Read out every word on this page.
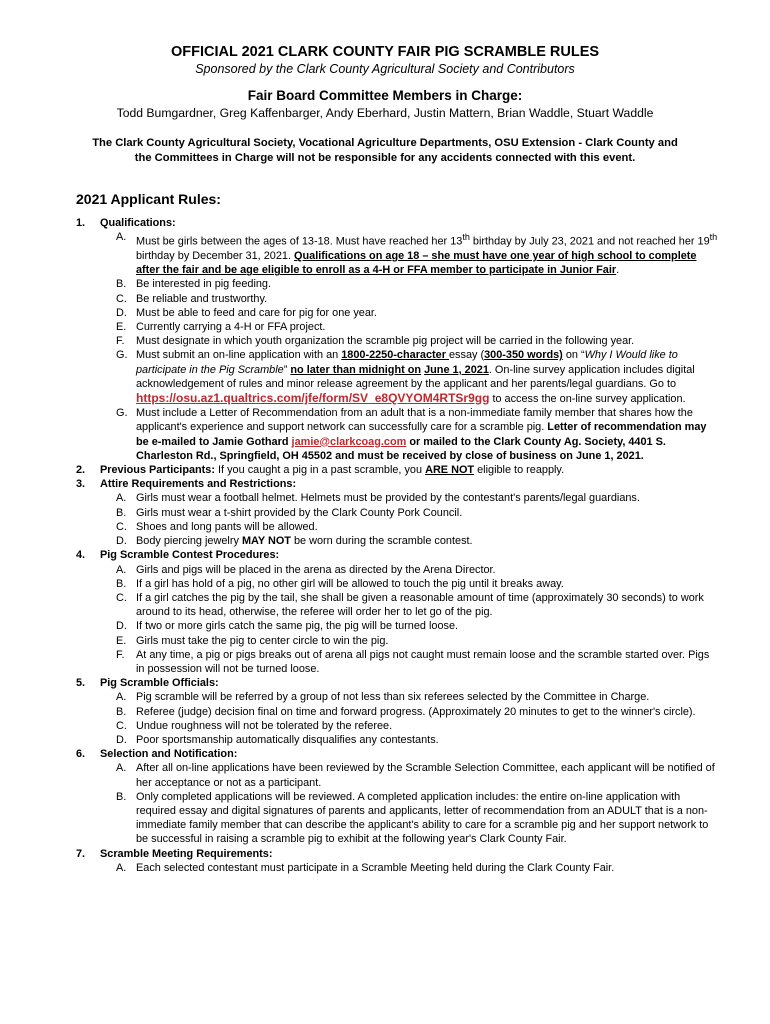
OFFICIAL 2021 CLARK COUNTY FAIR PIG SCRAMBLE RULES

Sponsored by the Clark County Agricultural Society and Contributors

Fair Board Committee Members in Charge:

Todd Bumgardner, Greg Kaffenbarger, Andy Eberhard, Justin Mattern, Brian Waddle, Stuart Waddle

The Clark County Agricultural Society, Vocational Agriculture Departments, OSU Extension - Clark County and
the Committees in Charge will not be responsible for any accidents connected with this event.

2021 Applicant Rules:

1. Qualifications:
A. Must be girls between the ages of 13-18. Must have reached her 13th birthday by July 23, 2021 and not reached her 19th birthday by December 31, 2021. Qualifications on age 18 – she must have one year of high school to complete after the fair and be age eligible to enroll as a 4-H or FFA member to participate in Junior Fair.
B. Be interested in pig feeding.
C. Be reliable and trustworthy.
D. Must be able to feed and care for pig for one year.
E. Currently carrying a 4-H or FFA project.
F. Must designate in which youth organization the scramble pig project will be carried in the following year.
G. Must submit an on-line application with an 1800-2250-character essay (300-350 words) on “Why I Would like to participate in the Pig Scramble” no later than midnight on June 1, 2021. On-line survey application includes digital acknowledgement of rules and minor release agreement by the applicant and her parents/legal guardians. Go to https://osu.az1.qualtrics.com/jfe/form/SV_e8QVYOM4RTSr9gg to access the on-line survey application.
G. Must include a Letter of Recommendation from an adult that is a non-immediate family member that shares how the applicant's experience and support network can successfully care for a scramble pig. Letter of recommendation may be e-mailed to Jamie Gothard jamie@clarkcoag.com or mailed to the Clark County Ag. Society, 4401 S. Charleston Rd., Springfield, OH 45502 and must be received by close of business on June 1, 2021.
2. Previous Participants: If you caught a pig in a past scramble, you ARE NOT eligible to reapply.
3. Attire Requirements and Restrictions:
A. Girls must wear a football helmet. Helmets must be provided by the contestant's parents/legal guardians.
B. Girls must wear a t-shirt provided by the Clark County Pork Council.
C. Shoes and long pants will be allowed.
D. Body piercing jewelry MAY NOT be worn during the scramble contest.
4. Pig Scramble Contest Procedures:
A. Girls and pigs will be placed in the arena as directed by the Arena Director.
B. If a girl has hold of a pig, no other girl will be allowed to touch the pig until it breaks away.
C. If a girl catches the pig by the tail, she shall be given a reasonable amount of time (approximately 30 seconds) to work around to its head, otherwise, the referee will order her to let go of the pig.
D. If two or more girls catch the same pig, the pig will be turned loose.
E. Girls must take the pig to center circle to win the pig.
F. At any time, a pig or pigs breaks out of arena all pigs not caught must remain loose and the scramble started over. Pigs in possession will not be turned loose.
5. Pig Scramble Officials:
A. Pig scramble will be referred by a group of not less than six referees selected by the Committee in Charge.
B. Referee (judge) decision final on time and forward progress. (Approximately 20 minutes to get to the winner's circle).
C. Undue roughness will not be tolerated by the referee.
D. Poor sportsmanship automatically disqualifies any contestants.
6. Selection and Notification:
A. After all on-line applications have been reviewed by the Scramble Selection Committee, each applicant will be notified of her acceptance or not as a participant.
B. Only completed applications will be reviewed. A completed application includes: the entire on-line application with required essay and digital signatures of parents and applicants, letter of recommendation from an ADULT that is a non-immediate family member that can describe the applicant's ability to care for a scramble pig and her support network to be successful in raising a scramble pig to exhibit at the following year's Clark County Fair.
7. Scramble Meeting Requirements:
A. Each selected contestant must participate in a Scramble Meeting held during the Clark County Fair.
